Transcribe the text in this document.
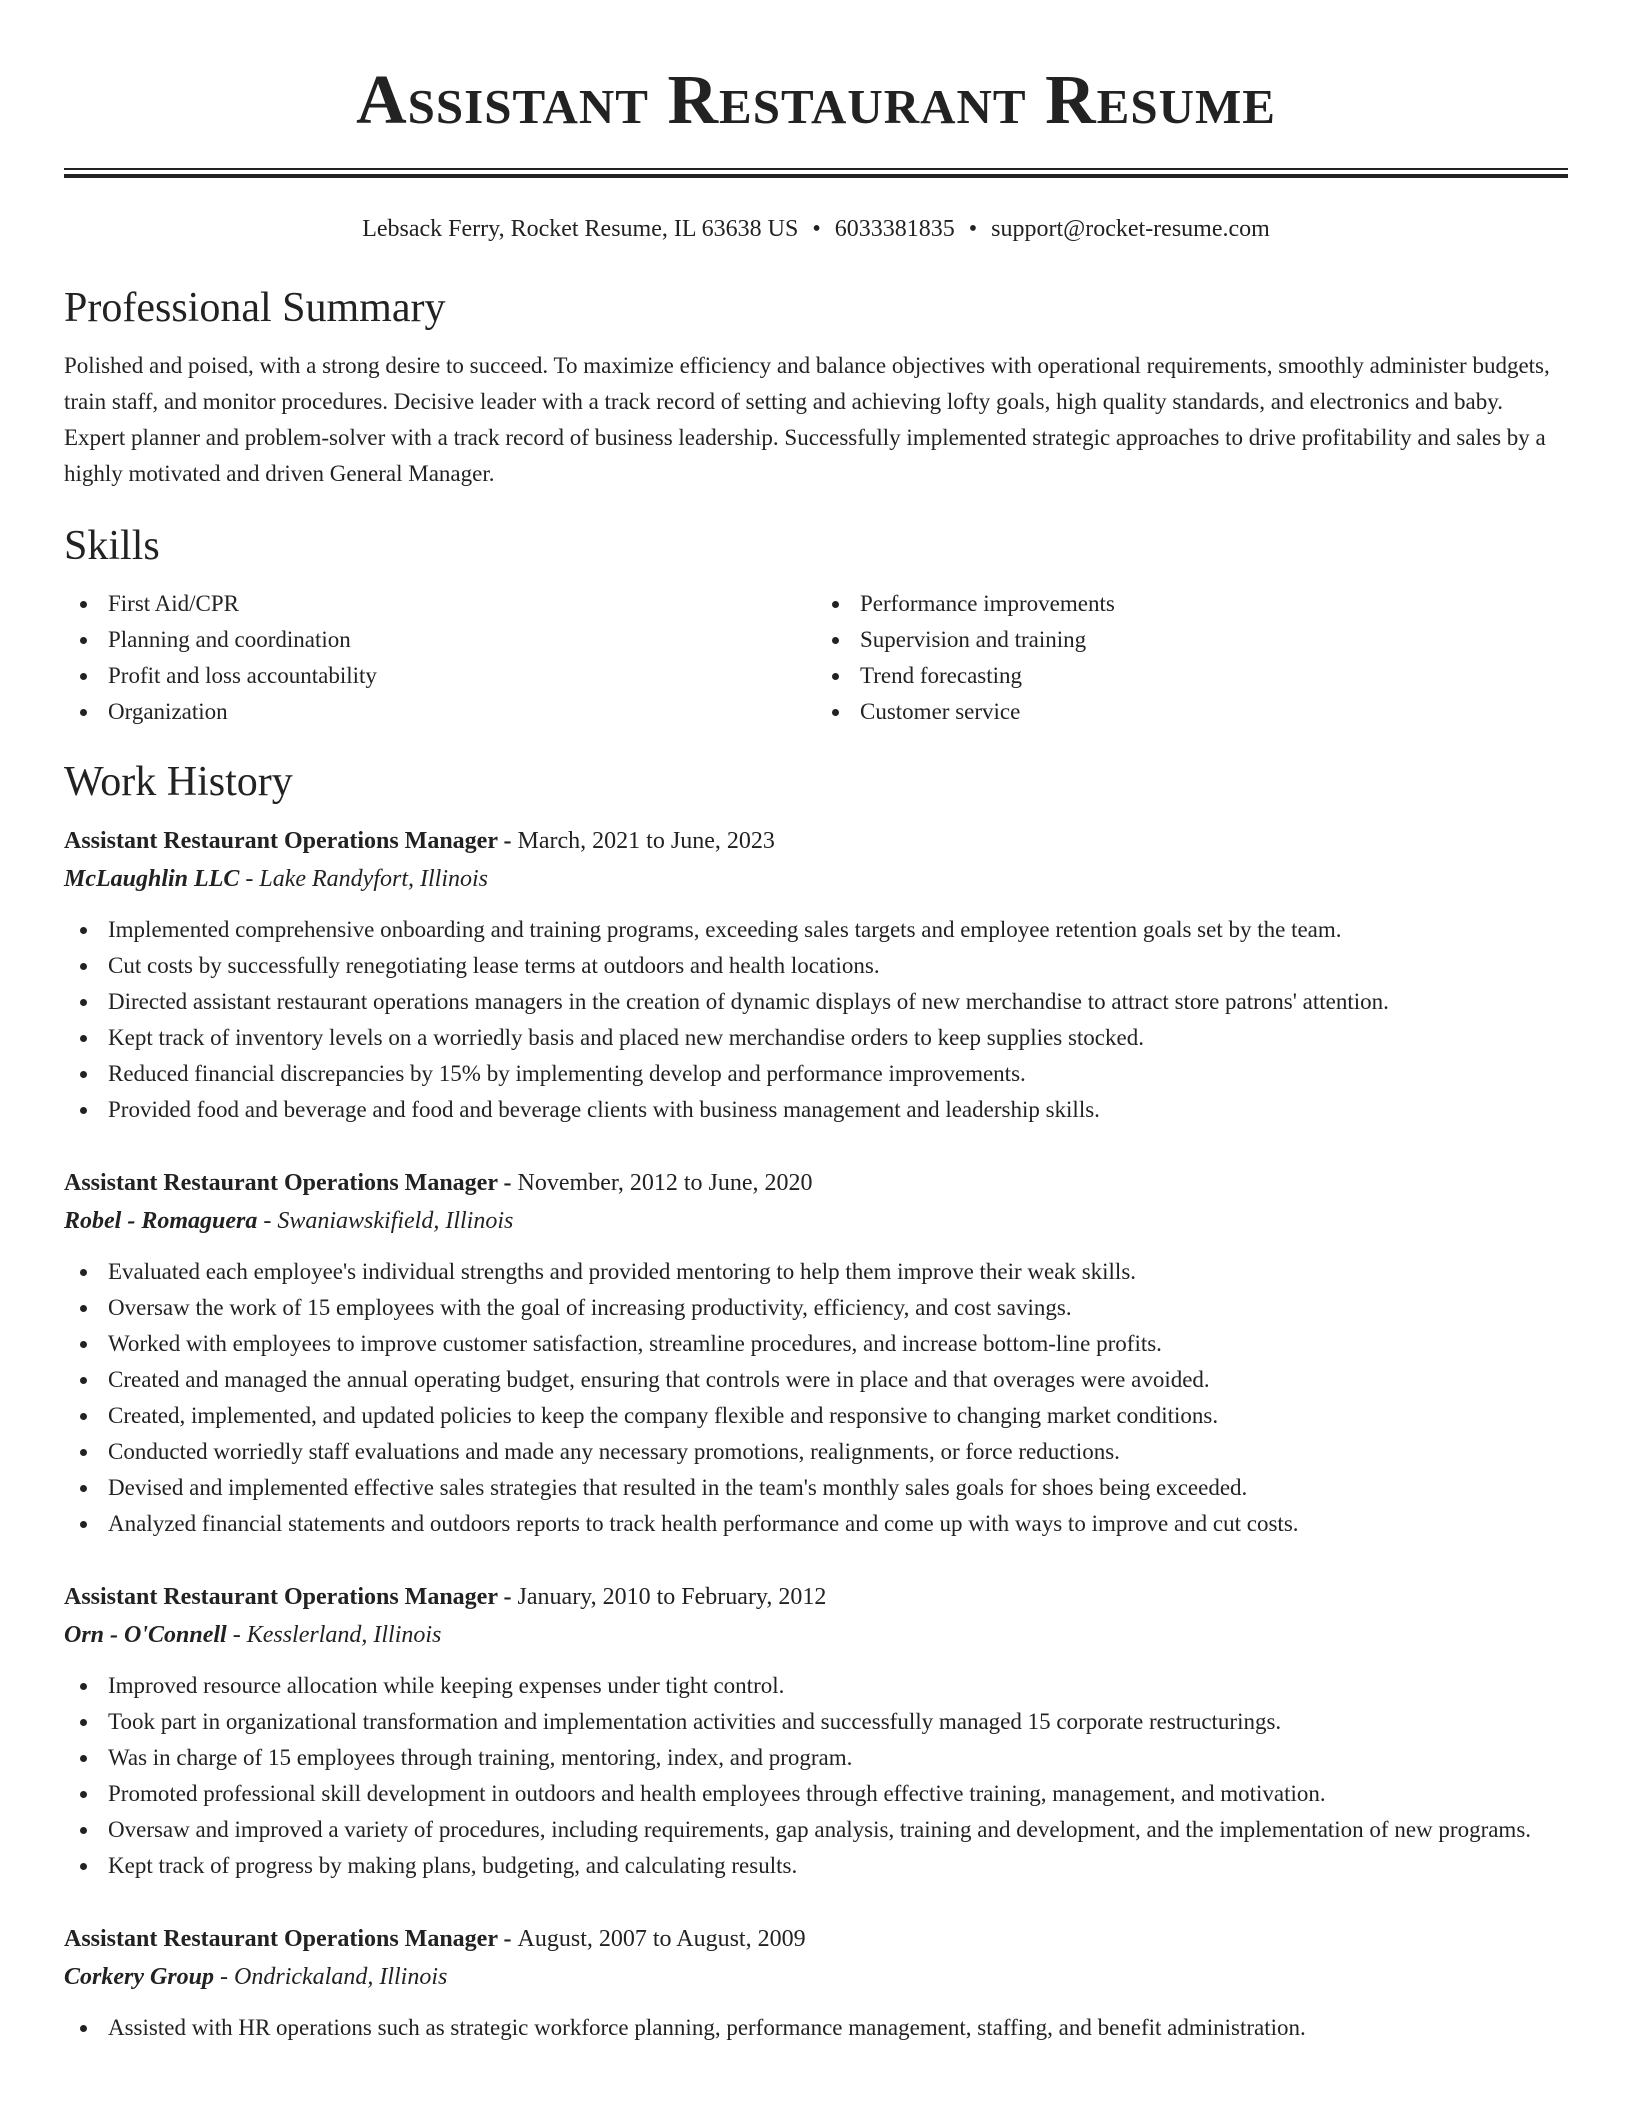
Assistant Restaurant Resume
Lebsack Ferry, Rocket Resume, IL 63638 US • 6033381835 • support@rocket-resume.com
Professional Summary

Polished and poised, with a strong desire to succeed. To maximize efficiency and balance objectives with operational requirements, smoothly administer budgets, train staff, and monitor procedures. Decisive leader with a track record of setting and achieving lofty goals, high quality standards, and electronics and baby. Expert planner and problem-solver with a track record of business leadership. Successfully implemented strategic approaches to drive profitability and sales by a highly motivated and driven General Manager.

Skills
First Aid/CPR
Planning and coordination
Profit and loss accountability
Organization
Performance improvements
Supervision and training
Trend forecasting
Customer service
Work History
Assistant Restaurant Operations Manager - March, 2021 to June, 2023
McLaughlin LLC - Lake Randyfort, Illinois
Implemented comprehensive onboarding and training programs, exceeding sales targets and employee retention goals set by the team.
Cut costs by successfully renegotiating lease terms at outdoors and health locations.
Directed assistant restaurant operations managers in the creation of dynamic displays of new merchandise to attract store patrons' attention.
Kept track of inventory levels on a worriedly basis and placed new merchandise orders to keep supplies stocked.
Reduced financial discrepancies by 15% by implementing develop and performance improvements.
Provided food and beverage and food and beverage clients with business management and leadership skills.
Assistant Restaurant Operations Manager - November, 2012 to June, 2020
Robel - Romaguera - Swaniawskifield, Illinois
Evaluated each employee's individual strengths and provided mentoring to help them improve their weak skills.
Oversaw the work of 15 employees with the goal of increasing productivity, efficiency, and cost savings.
Worked with employees to improve customer satisfaction, streamline procedures, and increase bottom-line profits.
Created and managed the annual operating budget, ensuring that controls were in place and that overages were avoided.
Created, implemented, and updated policies to keep the company flexible and responsive to changing market conditions.
Conducted worriedly staff evaluations and made any necessary promotions, realignments, or force reductions.
Devised and implemented effective sales strategies that resulted in the team's monthly sales goals for shoes being exceeded.
Analyzed financial statements and outdoors reports to track health performance and come up with ways to improve and cut costs.
Assistant Restaurant Operations Manager - January, 2010 to February, 2012
Orn - O'Connell - Kesslerland, Illinois
Improved resource allocation while keeping expenses under tight control.
Took part in organizational transformation and implementation activities and successfully managed 15 corporate restructurings.
Was in charge of 15 employees through training, mentoring, index, and program.
Promoted professional skill development in outdoors and health employees through effective training, management, and motivation.
Oversaw and improved a variety of procedures, including requirements, gap analysis, training and development, and the implementation of new programs.
Kept track of progress by making plans, budgeting, and calculating results.
Assistant Restaurant Operations Manager - August, 2007 to August, 2009
Corkery Group - Ondrickaland, Illinois
Assisted with HR operations such as strategic workforce planning, performance management, staffing, and benefit administration.
